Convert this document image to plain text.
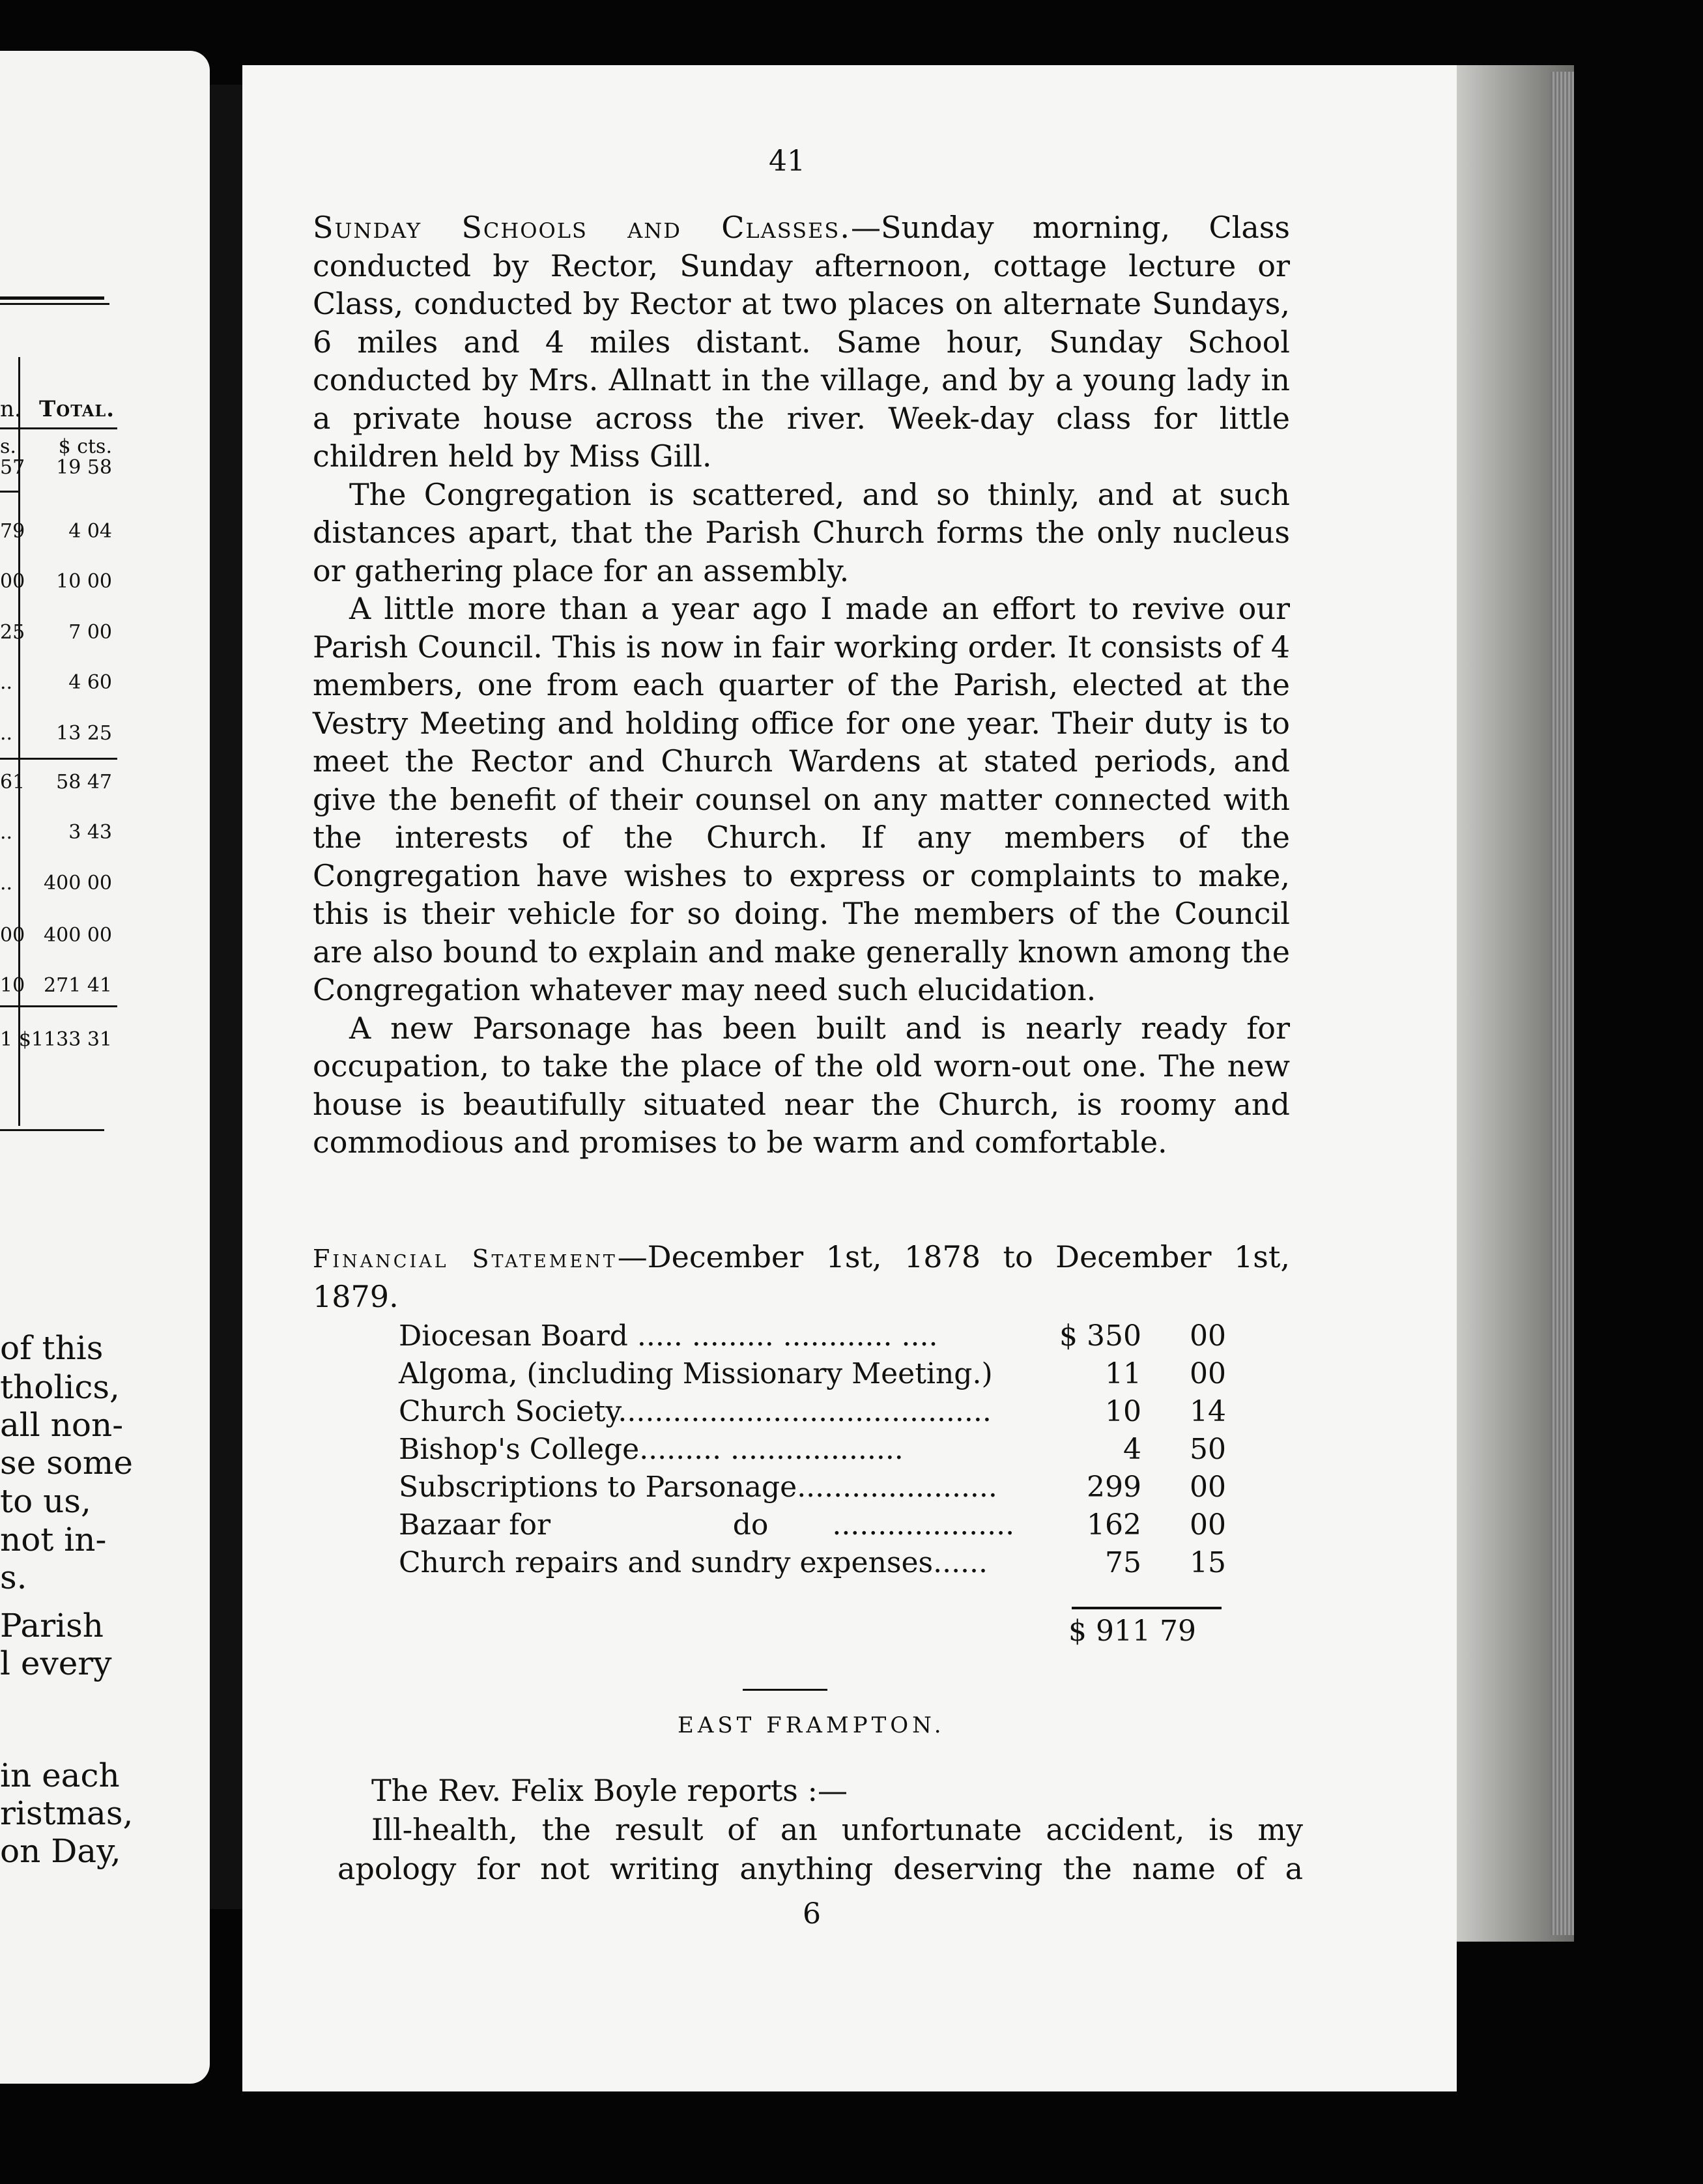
n. Total.
s. $ cts.
57 19 58
79 4 04
00 10 00
25 7 00
..	4 60
.. 13 25
61 58 47
..	3 43
.. 400 00
00 400 00
10 271 41
1 $1133 31
of this
tholics,
all non-
se some
to us,
not in-
s.
Parish
l every
in each
ristmas,
on Day,
41

Sunday Schools and Classes.—Sunday morning, Class conducted by Rector, Sunday afternoon, cottage lecture or Class, conducted by Rector at two places on alternate Sundays, 6 miles and 4 miles distant. Same hour, Sunday School conducted by Mrs. Allnatt in the village, and by a young lady in a private house across the river. Week-day class for little children held by Miss Gill.

The Congregation is scattered, and so thinly, and at such distances apart, that the Parish Church forms the only nucleus or gathering place for an assembly.

A little more than a year ago I made an effort to revive our Parish Council. This is now in fair working order. It consists of 4 members, one from each quarter of the Parish, elected at the Vestry Meeting and holding office for one year. Their duty is to meet the Rector and Church Wardens at stated periods, and give the benefit of their counsel on any matter connected with the interests of the Church. If any members of the Congregation have wishes to express or complaints to make, this is their vehicle for so doing. The members of the Council are also bound to explain and make generally known among the Congregation whatever may need such elucidation.

A new Parsonage has been built and is nearly ready for occupation, to take the place of the old worn-out one. The new house is beautifully situated near the Church, is roomy and commodious and promises to be warm and comfortable.

Financial Statement—December 1st, 1878 to December 1st, 1879.
Diocesan Board ..... ......... ............ ....	$ 350	00
Algoma, (including Missionary Meeting.)	11	00
Church Society.........................................	10	14
Bishop's College......... ...................	4	50
Subscriptions to Parsonage......................	299	00
Bazaar for                    do       ....................	162	00
Church repairs and sundry expenses......	75	15
$ 911 79
EAST FRAMPTON.

The Rev. Felix Boyle reports :—

Ill-health, the result of an unfortunate accident, is my

apology for not writing anything deserving the name of a

6
